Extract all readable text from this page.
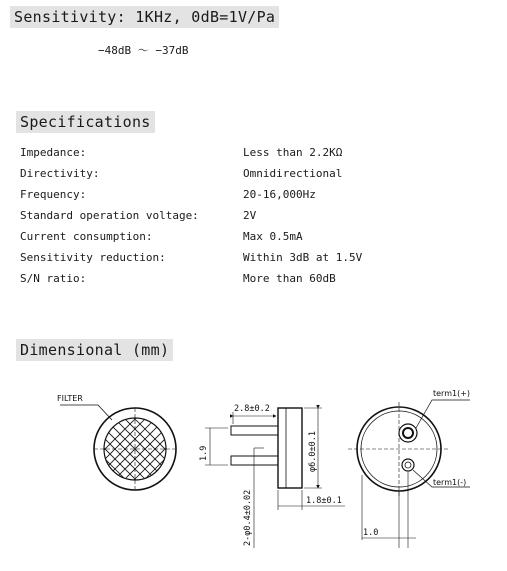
Sensitivity: 1KHz, 0dB=1V/Pa
−48dB ～ −37dB
Specifications
Impedance:	Less than 2.2KΩ
Directivity:	Omnidirectional
Frequency:	20-16,000Hz
Standard operation voltage:	2V
Current consumption:	Max 0.5mA
Sensitivity reduction:	Within 3dB at 1.5V
S/N ratio:	More than 60dB
Dimensional (mm)
FILTER
2.8±0.2
1.9	φ6.0±0.1
1.8±0.1
2-φ0.4±0.02
term1(+)
term1(-)
1.0
